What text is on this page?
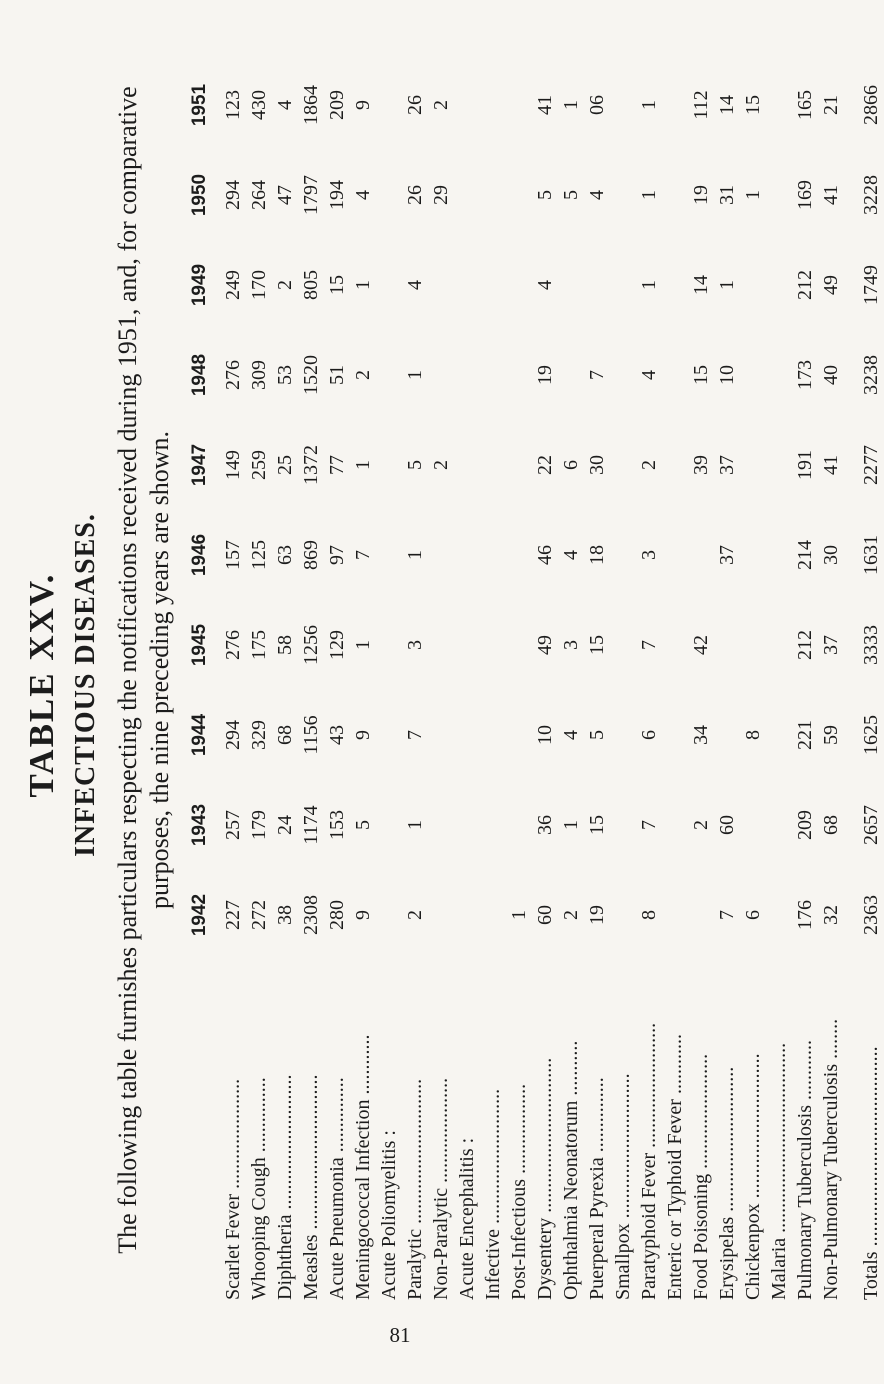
TABLE XXV. INFECTIOUS DISEASES. The following table furnishes particulars respecting the notifications received during 1951, and, for comparative purposes, the nine preceding years are shown.

	1942	1943	1944	1945	1946	1947	1948	1949	1950	1951
Scarlet Fever ......................	227	257	294	276	157	149	276	249	294	123
Whooping Cough ...............	272	179	329	175	125	259	309	170	264	430
Diphtheria ...........................	38	24	68	58	63	25	53	2	47	4
Measles ...............................	2308	1174	1156	1256	869	1372	1520	805	1797	1864
Acute Pneumonia ...............	280	153	43	129	97	77	51	15	194	209
Meningococcal Infection ............	9	5	9	1	7	1	2	1	4	9
Acute Poliomyelitis :										
Paralytic .............................	2	1	7	3	1	5	1	4	26	26
Non-Paralytic .....................						2			29	2
Acute Encephalitis :										
Infective ...........................										
Post-Infectious ..................	1									
Dysentery ...............................	60	36	10	49	46	22	19	4	5	41
Ophthalmia Neonatorum ...........	2	1	4	3	4	6			5	1
Puerperal Pyrexia ...............	19	15	5	15	18	30	7		4	06
Smallpox .............................										
Paratyphoid Fever .........................	8	7	6	7	3	2	4	1	1	1
Enteric or Typhoid Fever ............										
Food Poisoning .......................		2	34	42		39	15	14	19	112
Erysipelas .............................	7	60			37	37	10	1	31	14
Chickenpox .............................	6		8						1	15
Malaria ......................................										
Pulmonary Tuberculosis ............	176	209	221	212	214	191	173	212	169	165
Non-Pulmonary Tuberculosis ........	32	68	59	37	30	41	40	49	41	21
Totals ........................................	2363	2657	1625	3333	1631	2277	3238	1749	3228	2866

81
